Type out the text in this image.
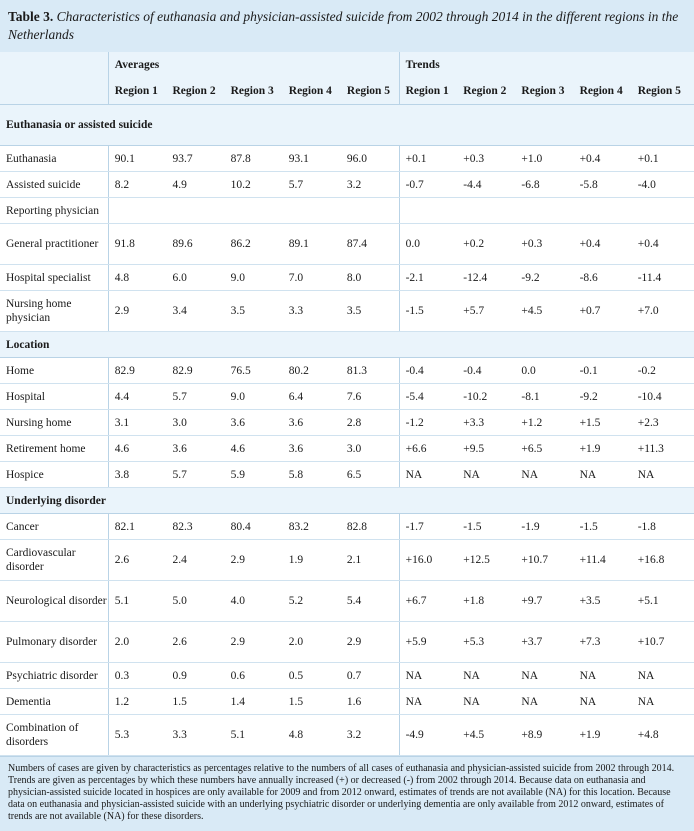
Table 3. Characteristics of euthanasia and physician-assisted suicide from 2002 through 2014 in the different regions in the Netherlands
	Averages					Trends				
	Region 1	Region 2	Region 3	Region 4	Region 5	Region 1	Region 2	Region 3	Region 4	Region 5
Euthanasia or assisted suicide										
Euthanasia	90.1	93.7	87.8	93.1	96.0	+0.1	+0.3	+1.0	+0.4	+0.1
Assisted suicide	8.2	4.9	10.2	5.7	3.2	-0.7	-4.4	-6.8	-5.8	-4.0
Reporting physician										
General practitioner	91.8	89.6	86.2	89.1	87.4	0.0	+0.2	+0.3	+0.4	+0.4
Hospital specialist	4.8	6.0	9.0	7.0	8.0	-2.1	-12.4	-9.2	-8.6	-11.4
Nursing home physician	2.9	3.4	3.5	3.3	3.5	-1.5	+5.7	+4.5	+0.7	+7.0
Location										
Home	82.9	82.9	76.5	80.2	81.3	-0.4	-0.4	0.0	-0.1	-0.2
Hospital	4.4	5.7	9.0	6.4	7.6	-5.4	-10.2	-8.1	-9.2	-10.4
Nursing home	3.1	3.0	3.6	3.6	2.8	-1.2	+3.3	+1.2	+1.5	+2.3
Retirement home	4.6	3.6	4.6	3.6	3.0	+6.6	+9.5	+6.5	+1.9	+11.3
Hospice	3.8	5.7	5.9	5.8	6.5	NA	NA	NA	NA	NA
Underlying disorder										
Cancer	82.1	82.3	80.4	83.2	82.8	-1.7	-1.5	-1.9	-1.5	-1.8
Cardiovascular disorder	2.6	2.4	2.9	1.9	2.1	+16.0	+12.5	+10.7	+11.4	+16.8
Neurological disorder	5.1	5.0	4.0	5.2	5.4	+6.7	+1.8	+9.7	+3.5	+5.1
Pulmonary disorder	2.0	2.6	2.9	2.0	2.9	+5.9	+5.3	+3.7	+7.3	+10.7
Psychiatric disorder	0.3	0.9	0.6	0.5	0.7	NA	NA	NA	NA	NA
Dementia	1.2	1.5	1.4	1.5	1.6	NA	NA	NA	NA	NA
Combination of disorders	5.3	3.3	5.1	4.8	3.2	-4.9	+4.5	+8.9	+1.9	+4.8
Numbers of cases are given by characteristics as percentages relative to the numbers of all cases of euthanasia and physician-assisted suicide from 2002 through 2014. Trends are given as percentages by which these numbers have annually increased (+) or decreased (-) from 2002 through 2014. Because data on euthanasia and physician-assisted suicide located in hospices are only available for 2009 and from 2012 onward, estimates of trends are not available (NA) for this location. Because data on euthanasia and physician-assisted suicide with an underlying psychiatric disorder or underlying dementia are only available from 2012 onward, estimates of trends are not available (NA) for these disorders.
